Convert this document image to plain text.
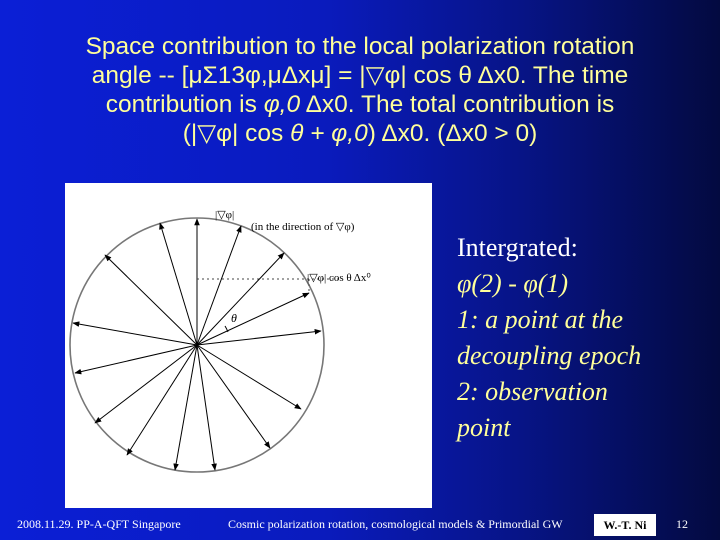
Space contribution to the local polarization rotation
angle -- [μΣ13φ,μΔxμ] = |▽φ| cos θ Δx0. The time
contribution is φ,0 Δx0. The total contribution is
(|▽φ| cos θ + φ,0) Δx0. (Δx0 > 0)
|▽φ|
(in the direction of ▽φ)
|▽φ| cos θ Δx⁰
θ
Intergrated:
φ(2) - φ(1)
1: a point at the
decoupling epoch
2: observation
point
2008.11.29. PP-A-QFT Singapore	Cosmic polarization rotation, cosmological models & Primordial GW	W.-T. Ni	12
